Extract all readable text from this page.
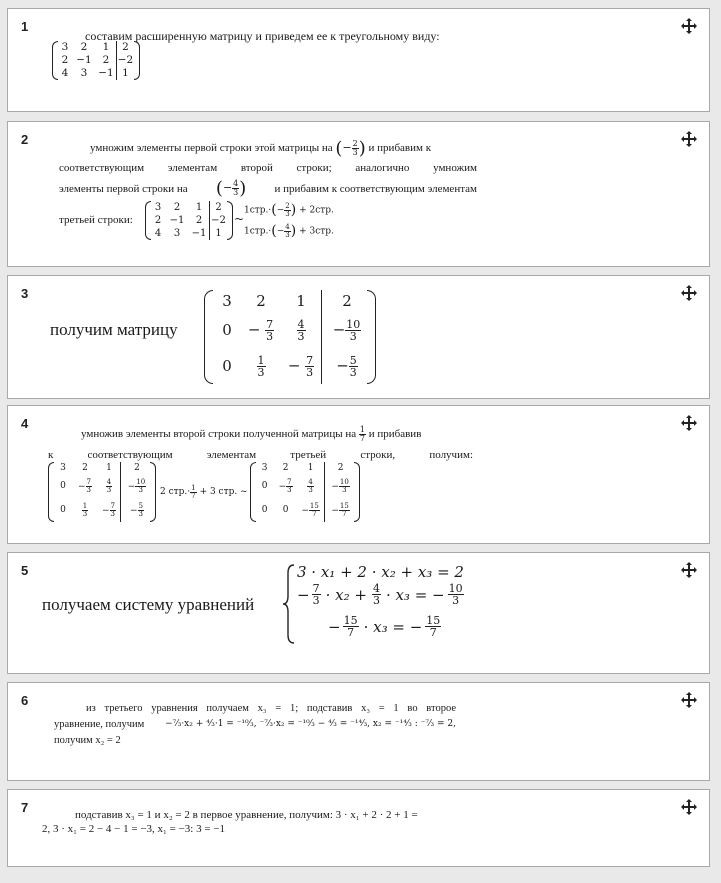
1
составим расширенную матрицу и приведем ее к треугольному виду:
3 2 1	2
2 −1 2 −2
4 3 −1 1
2
умножим элементы первой строки этой матрицы на (− $\frac{2}{3}$ ) и прибавим к
соответствующим элементам второй строки; аналогично умножим
элементы первой строки на (− $\frac{4}{3}$ )	и прибавим к соответствующим элементам
третьей строки:
3 2 1	2
2 −1 2 −2
4 3 −1 1
~
$1стр.\cdot(- \frac{2}{3}$ ) + 2стр.
$1стр.\cdot(- \frac{4}{3}$ ) + 3стр.
3
получим матрицу
3 2 1 2
$0 - \frac{7}{3} \frac{4}{3} - \frac{10}{3}$
$0 \frac{1}{3} - \frac{7}{3} - \frac{5}{3}$
4
умножив элементы второй строки полученной матрицы на $\frac{1}{7}$ и прибавив
к соответствующим элементам третьей строки, получим:
3 2 1 2
$0 - \frac{7}{3} \frac{4}{3} - \frac{10}{3}$
$0 \frac{1}{3} - \frac{7}{3} - \frac{5}{3}$
2 $стр.\cdot \frac{1}{7} + 3$ стр. ~
3 2 1	2
$0 - \frac{7}{3} \frac{4}{3} - \frac{10}{3}$
0 $0 - \frac{15}{7} - \frac{15}{7}$
5
получаем систему уравнений
3 · x₁ + 2 · x₂ + x₃ = 2
− $\frac{7}{3} \cdot x_2 + \frac{4}{3} \cdot x_3$ = − $\frac{10}{3}$
− $\frac{15}{7} \cdot x_3$ = − $\frac{15}{7}$
6
из третьего уравнения получаем x₃ = 1; подставив x₃ = 1 во второе
уравнение, получим −⁷⁄₃·x₂ + ⁴⁄₃·1 = ⁻¹⁰⁄₃, ⁻⁷⁄₃·x₂ = ⁻¹⁰⁄₃ − ⁴⁄₃ = ⁻¹⁴⁄₃, x₂ = ⁻¹⁴⁄₃ : ⁻⁷⁄₃ = 2,
получим x₂ = 2
7	подставив x₃ = 1 и x₂ = 2 в первое уравнение, получим: 3 · x₁ + 2 · 2 + 1 =
2, 3 · x₁ = 2 − 4 − 1 = −3, x₁ = −3: 3 = −1
